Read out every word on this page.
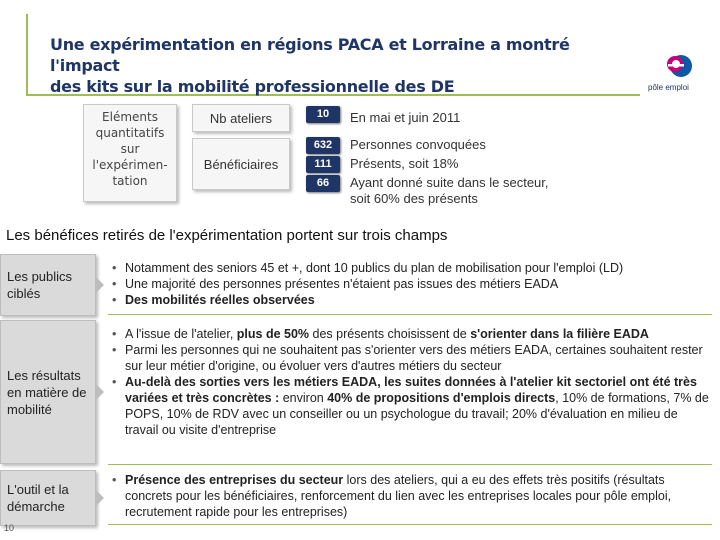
Une expérimentation en régions PACA et Lorraine a montré l'impact
des kits sur la mobilité professionnelle des DE	pôle emploi
Eléments
quantitatifs
sur
l'expérimen-
tation
Nb ateliers
Bénéficiaires
10	En mai et juin 2011
632	Personnes convoquées
111	Présents, soit 18%
66	Ayant donné suite dans le secteur,
soit 60% des présents
Les bénéfices retirés de l'expérimentation portent sur trois champs
Les publics ciblés
• Notamment des seniors 45 et +, dont 10 publics du plan de mobilisation pour l'emploi (LD)
• Une majorité des personnes présentes n'étaient pas issues des métiers EADA
• Des mobilités réelles observées
Les résultats en matière de mobilité
• A l'issue de l'atelier, plus de 50% des présents choisissent de s'orienter dans la filière EADA
• Parmi les personnes qui ne souhaitent pas s'orienter vers des métiers EADA, certaines souhaitent rester sur leur métier d'origine, ou évoluer vers d'autres métiers du secteur
• Au-delà des sorties vers les métiers EADA, les suites données à l'atelier kit sectoriel ont été très variées et très concrètes : environ 40% de propositions d'emplois directs, 10% de formations, 7% de POPS, 10% de RDV avec un conseiller ou un psychologue du travail; 20% d'évaluation en milieu de travail ou visite d'entreprise
L'outil et la démarche
• Présence des entreprises du secteur lors des ateliers, qui a eu des effets très positifs (résultats concrets pour les bénéficiaires, renforcement du lien avec les entreprises locales pour pôle emploi, recrutement rapide pour les entreprises)
10
